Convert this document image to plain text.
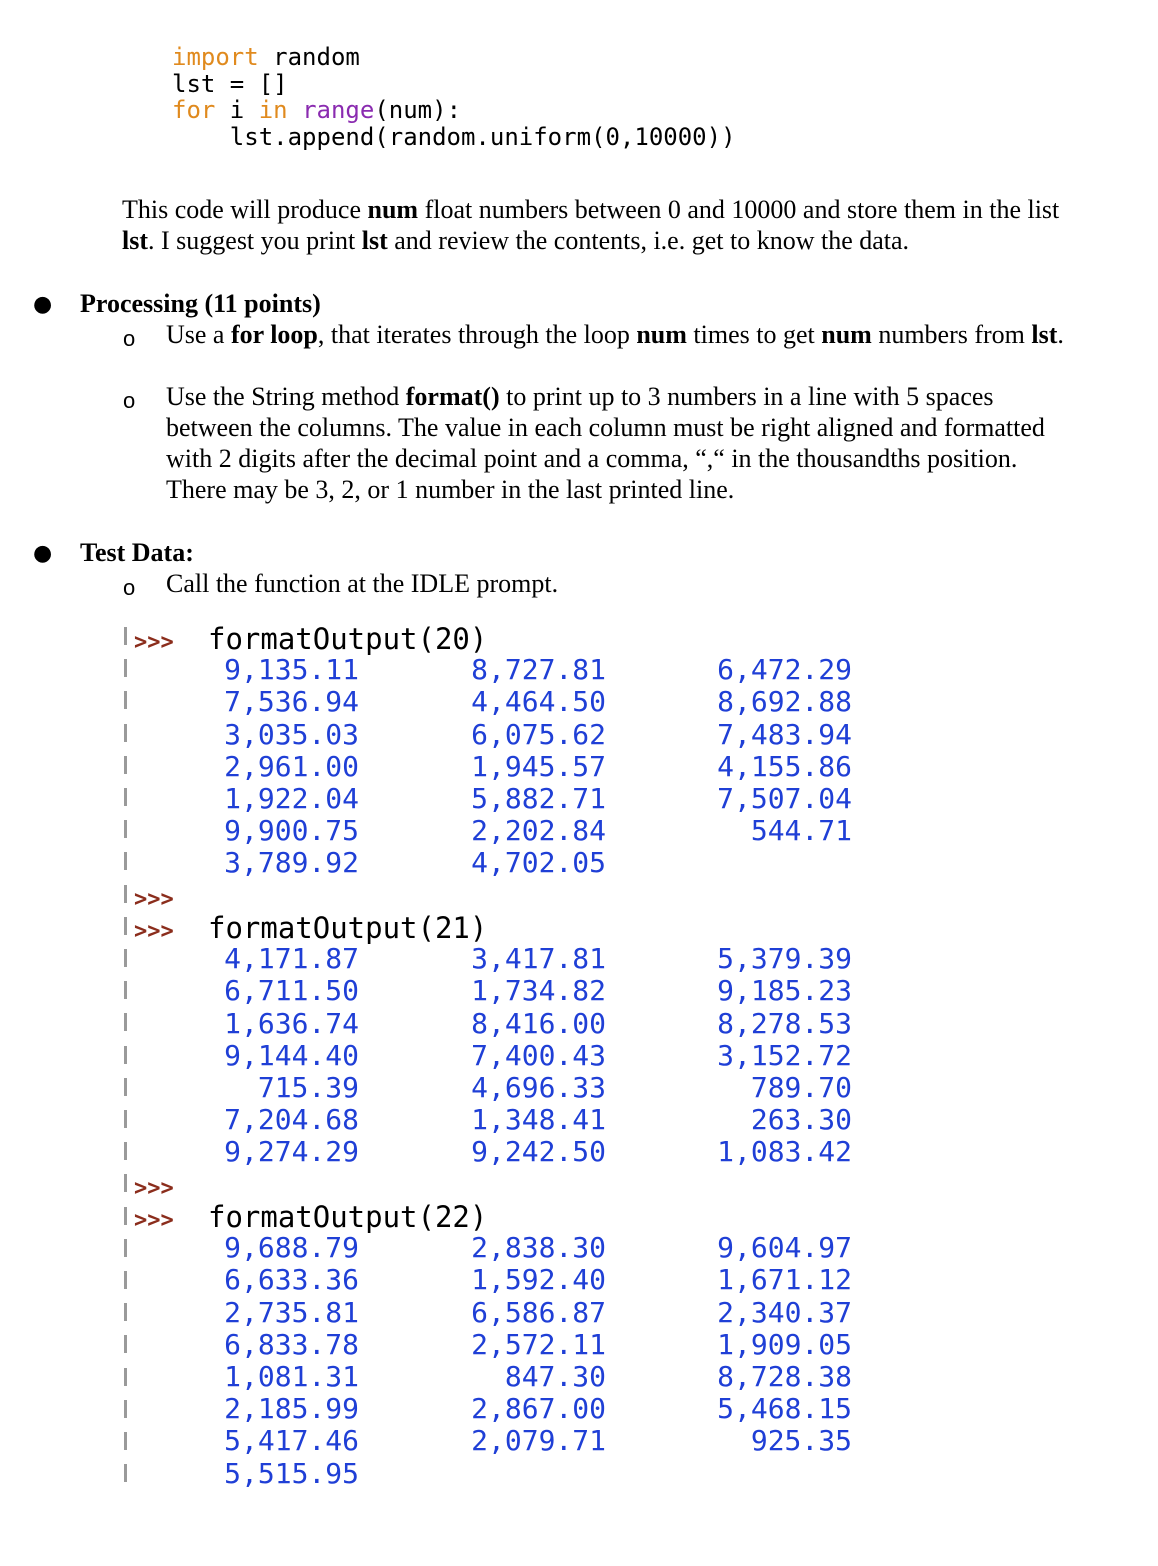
import random
lst = []
for i in range(num):
lst.append(random.uniform(0,10000))
This code will produce num float numbers between 0 and 10000 and store them in the list lst. I suggest you print lst and review the contents, i.e. get to know the data.
● Processing (11 points)
o Use a for loop, that iterates through the loop num times to get num numbers from lst.
o Use the String method format() to print up to 3 numbers in a line with 5 spaces between the columns. The value in each column must be right aligned and formatted with 2 digits after the decimal point and a comma, “,“ in the thousandths position. There may be 3, 2, or 1 number in the last printed line.
● Test Data:
o Call the function at the IDLE prompt.
>>> formatOutput(20)
9,135.11	8,727.81	6,472.29
7,536.94	4,464.50	8,692.88
3,035.03	6,075.62	7,483.94
2,961.00	1,945.57	4,155.86
1,922.04	5,882.71	7,507.04
9,900.75	2,202.84	544.71
3,789.92	4,702.05
>>>
>>> formatOutput(21)
4,171.87	3,417.81	5,379.39
6,711.50	1,734.82	9,185.23
1,636.74	8,416.00	8,278.53
9,144.40	7,400.43	3,152.72
715.39	4,696.33	789.70
7,204.68	1,348.41	263.30
9,274.29	9,242.50	1,083.42
>>>
>>> formatOutput(22)
9,688.79	2,838.30	9,604.97
6,633.36	1,592.40	1,671.12
2,735.81	6,586.87	2,340.37
6,833.78	2,572.11	1,909.05
1,081.31	847.30	8,728.38
2,185.99	2,867.00	5,468.15
5,417.46	2,079.71	925.35
5,515.95
